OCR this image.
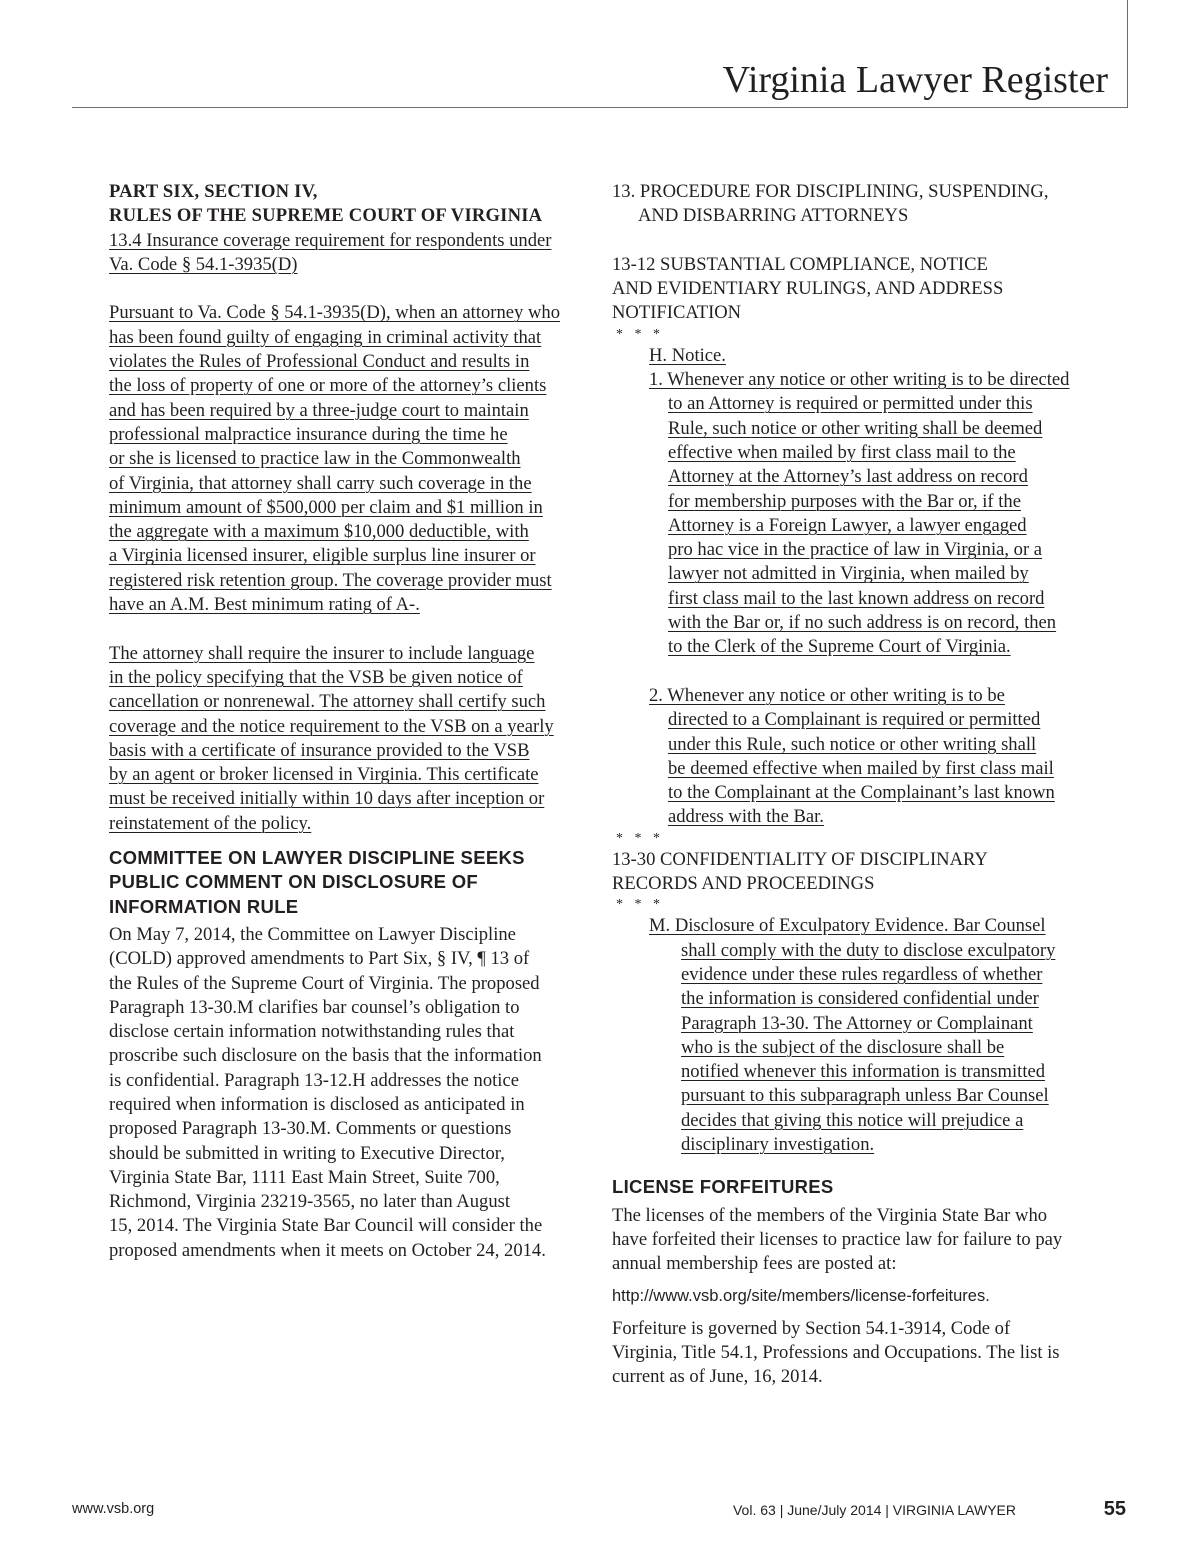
Virginia Lawyer Register
PART SIX, SECTION IV,
RULES OF THE SUPREME COURT OF VIRGINIA
13.4 Insurance coverage requirement for respondents under
Va. Code § 54.1-3935(D)
Pursuant to Va. Code § 54.1-3935(D), when an attorney who
has been found guilty of engaging in criminal activity that
violates the Rules of Professional Conduct and results in
the loss of property of one or more of the attorney’s clients
and has been required by a three-judge court to maintain
professional malpractice insurance during the time he
or she is licensed to practice law in the Commonwealth
of Virginia, that attorney shall carry such coverage in the
minimum amount of $500,000 per claim and $1 million in
the aggregate with a maximum $10,000 deductible, with
a Virginia licensed insurer, eligible surplus line insurer or
registered risk retention group. The coverage provider must
have an A.M. Best minimum rating of A-.
The attorney shall require the insurer to include language
in the policy specifying that the VSB be given notice of
cancellation or nonrenewal. The attorney shall certify such
coverage and the notice requirement to the VSB on a yearly
basis with a certificate of insurance provided to the VSB
by an agent or broker licensed in Virginia. This certificate
must be received initially within 10 days after inception or
reinstatement of the policy.
COMMITTEE ON LAWYER DISCIPLINE SEEKS
PUBLIC COMMENT ON DISCLOSURE OF
INFORMATION RULE
On May 7, 2014, the Committee on Lawyer Discipline
(COLD) approved amendments to Part Six, § IV, ¶ 13 of
the Rules of the Supreme Court of Virginia. The proposed
Paragraph 13-30.M clarifies bar counsel’s obligation to
disclose certain information notwithstanding rules that
proscribe such disclosure on the basis that the information
is confidential. Paragraph 13-12.H addresses the notice
required when information is disclosed as anticipated in
proposed Paragraph 13-30.M. Comments or questions
should be submitted in writing to Executive Director,
Virginia State Bar, 1111 East Main Street, Suite 700,
Richmond, Virginia 23219-3565, no later than August
15, 2014. The Virginia State Bar Council will consider the
proposed amendments when it meets on October 24, 2014.
13. PROCEDURE FOR DISCIPLINING, SUSPENDING,
AND DISBARRING ATTORNEYS
13-12 SUBSTANTIAL COMPLIANCE, NOTICE
AND EVIDENTIARY RULINGS, AND ADDRESS
NOTIFICATION
* * *
H. Notice.
1. Whenever any notice or other writing is to be directed
to an Attorney is required or permitted under this
Rule, such notice or other writing shall be deemed
effective when mailed by first class mail to the
Attorney at the Attorney’s last address on record
for membership purposes with the Bar or, if the
Attorney is a Foreign Lawyer, a lawyer engaged
pro hac vice in the practice of law in Virginia, or a
lawyer not admitted in Virginia, when mailed by
first class mail to the last known address on record
with the Bar or, if no such address is on record, then
to the Clerk of the Supreme Court of Virginia.
2. Whenever any notice or other writing is to be
directed to a Complainant is required or permitted
under this Rule, such notice or other writing shall
be deemed effective when mailed by first class mail
to the Complainant at the Complainant’s last known
address with the Bar.
* * *
13-30 CONFIDENTIALITY OF DISCIPLINARY
RECORDS AND PROCEEDINGS
* * *
M. Disclosure of Exculpatory Evidence. Bar Counsel
shall comply with the duty to disclose exculpatory
evidence under these rules regardless of whether
the information is considered confidential under
Paragraph 13-30. The Attorney or Complainant
who is the subject of the disclosure shall be
notified whenever this information is transmitted
pursuant to this subparagraph unless Bar Counsel
decides that giving this notice will prejudice a
disciplinary investigation.
LICENSE FORFEITURES
The licenses of the members of the Virginia State Bar who
have forfeited their licenses to practice law for failure to pay
annual membership fees are posted at:
http://www.vsb.org/site/members/license-forfeitures.
Forfeiture is governed by Section 54.1-3914, Code of
Virginia, Title 54.1, Professions and Occupations. The list is
current as of June, 16, 2014.
www.vsb.org	Vol. 63 | June/July 2014 | VIRGINIA LAWYER	55
